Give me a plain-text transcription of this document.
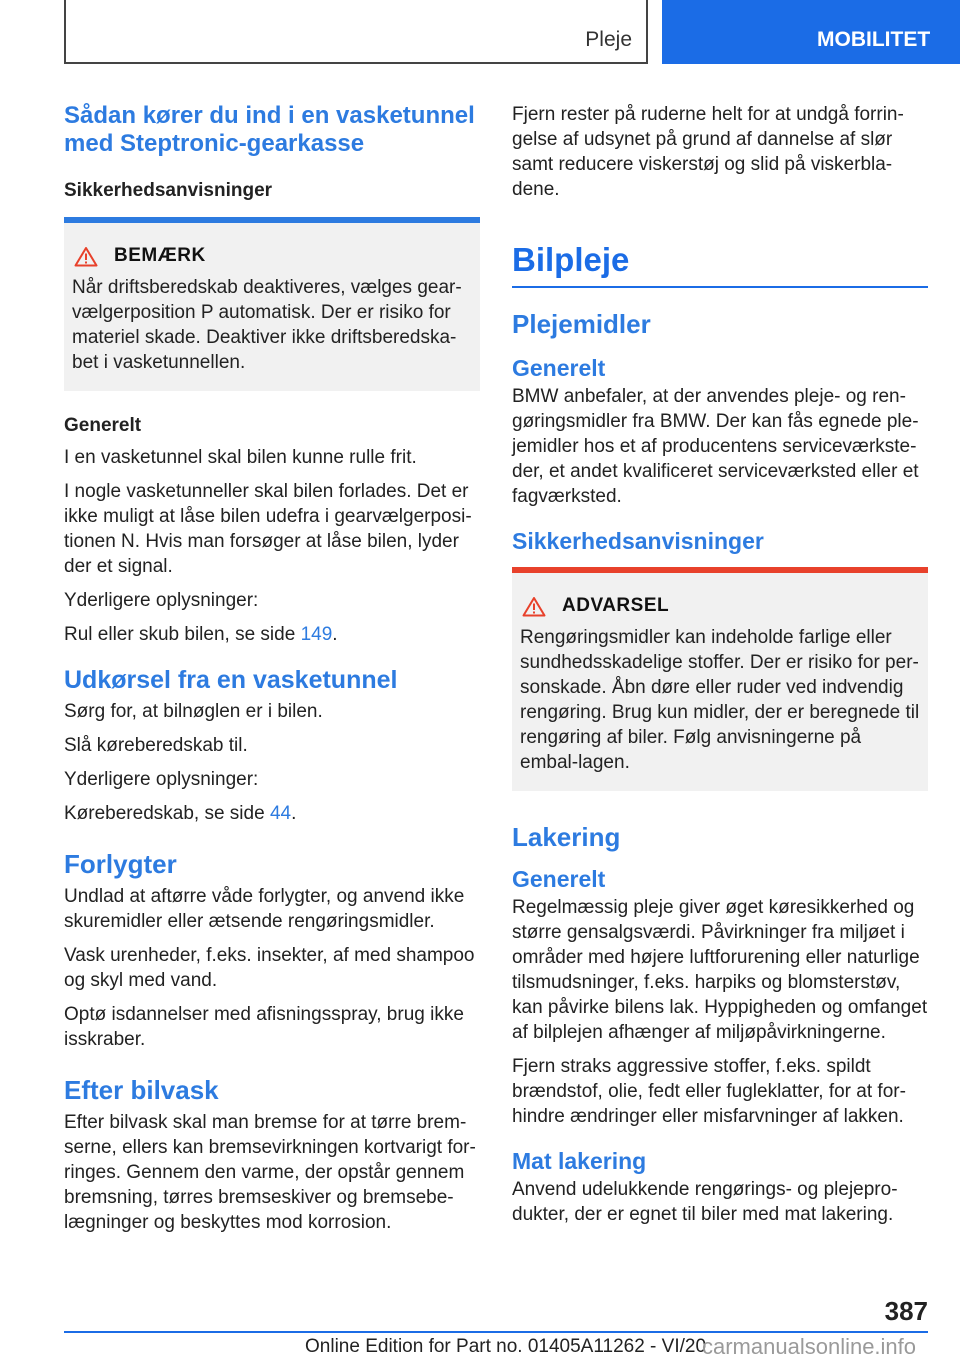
Pleje	MOBILITET
Sådan kører du ind i en vasketunnel med Steptronic-gearkasse
Sikkerhedsanvisninger
BEMÆRK

Når driftsberedskab deaktiveres, vælges gear-vælgerposition P automatisk. Der er risiko for materiel skade. Deaktiver ikke driftsberedska-bet i vasketunnellen.

Generelt

I en vasketunnel skal bilen kunne rulle frit.

I nogle vasketunneller skal bilen forlades. Det er ikke muligt at låse bilen udefra i gearvælgerposi-tionen N. Hvis man forsøger at låse bilen, lyder der et signal.

Yderligere oplysninger:

Rul eller skub bilen, se side 149.

Udkørsel fra en vasketunnel

Sørg for, at bilnøglen er i bilen.

Slå køreberedskab til.

Yderligere oplysninger:

Køreberedskab, se side 44.

Forlygter

Undlad at aftørre våde forlygter, og anvend ikke skuremidler eller ætsende rengøringsmidler.

Vask urenheder, f.eks. insekter, af med shampoo og skyl med vand.

Optø isdannelser med afisningsspray, brug ikke isskraber.

Efter bilvask

Efter bilvask skal man bremse for at tørre brem-serne, ellers kan bremsevirkningen kortvarigt for-ringes. Gennem den varme, der opstår gennem bremsning, tørres bremseskiver og bremsebe-lægninger og beskyttes mod korrosion.

Fjern rester på ruderne helt for at undgå forrin-gelse af udsynet på grund af dannelse af slør samt reducere viskerstøj og slid på viskerbla-dene.

Bilpleje
Plejemidler
Generelt

BMW anbefaler, at der anvendes pleje- og ren-gøringsmidler fra BMW. Der kan fås egnede ple-jemidler hos et af producentens serviceværkste-der, et andet kvalificeret serviceværksted eller et fagværksted.

Sikkerhedsanvisninger
ADVARSEL

Rengøringsmidler kan indeholde farlige eller sundhedsskadelige stoffer. Der er risiko for per-sonskade. Åbn døre eller ruder ved indvendig rengøring. Brug kun midler, der er beregnede til rengøring af biler. Følg anvisningerne på embal-lagen.

Lakering
Generelt

Regelmæssig pleje giver øget køresikkerhed og større gensalgsværdi. Påvirkninger fra miljøet i områder med højere luftforurening eller naturlige tilsmudsninger, f.eks. harpiks og blomsterstøv, kan påvirke bilens lak. Hyppigheden og omfanget af bilplejen afhænger af miljøpåvirkningerne.

Fjern straks aggressive stoffer, f.eks. spildt brændstof, olie, fedt eller fugleklatter, for at for-hindre ændringer eller misfarvninger af lakken.

Mat lakering

Anvend udelukkende rengørings- og plejepro-dukter, der er egnet til biler med mat lakering.

387
Online Edition for Part no. 01405A11262 - VI/20
carmanualsonline.info
